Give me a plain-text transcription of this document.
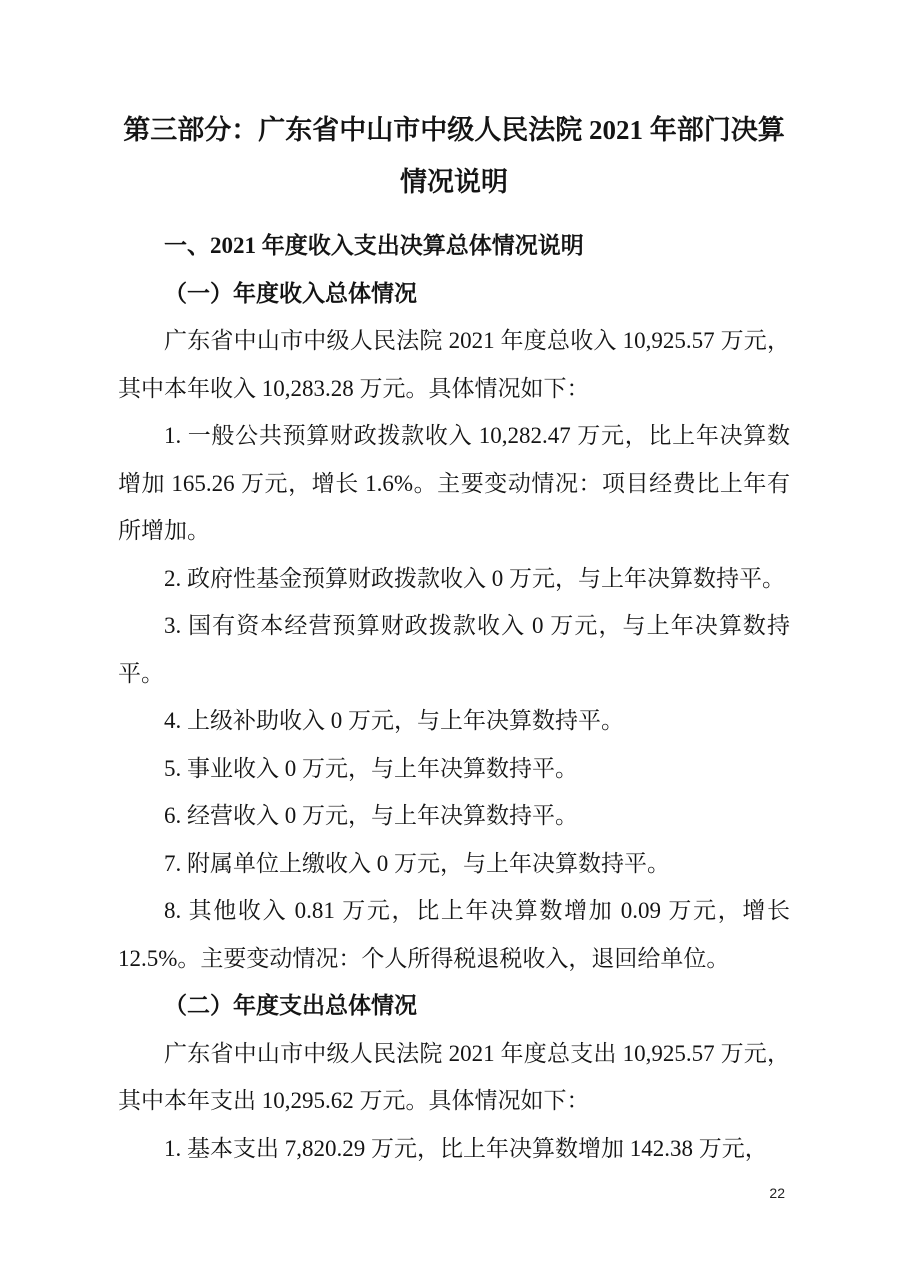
第三部分：广东省中山市中级人民法院 2021 年部门决算
情况说明
一、2021 年度收入支出决算总体情况说明
（一）年度收入总体情况

广东省中山市中级人民法院 2021 年度总收入 10,925.57 万元，其中本年收入 10,283.28 万元。具体情况如下：

1. 一般公共预算财政拨款收入 10,282.47 万元，比上年决算数增加 165.26 万元，增长 1.6%。主要变动情况：项目经费比上年有所增加。

2. 政府性基金预算财政拨款收入 0 万元，与上年决算数持平。

3. 国有资本经营预算财政拨款收入 0 万元，与上年决算数持平。

4. 上级补助收入 0 万元，与上年决算数持平。

5. 事业收入 0 万元，与上年决算数持平。

6. 经营收入 0 万元，与上年决算数持平。

7. 附属单位上缴收入 0 万元，与上年决算数持平。

8. 其他收入 0.81 万元，比上年决算数增加 0.09 万元，增长 12.5%。主要变动情况：个人所得税退税收入，退回给单位。

（二）年度支出总体情况

广东省中山市中级人民法院 2021 年度总支出 10,925.57 万元，其中本年支出 10,295.62 万元。具体情况如下：

1. 基本支出 7,820.29 万元，比上年决算数增加 142.38 万元，

22
